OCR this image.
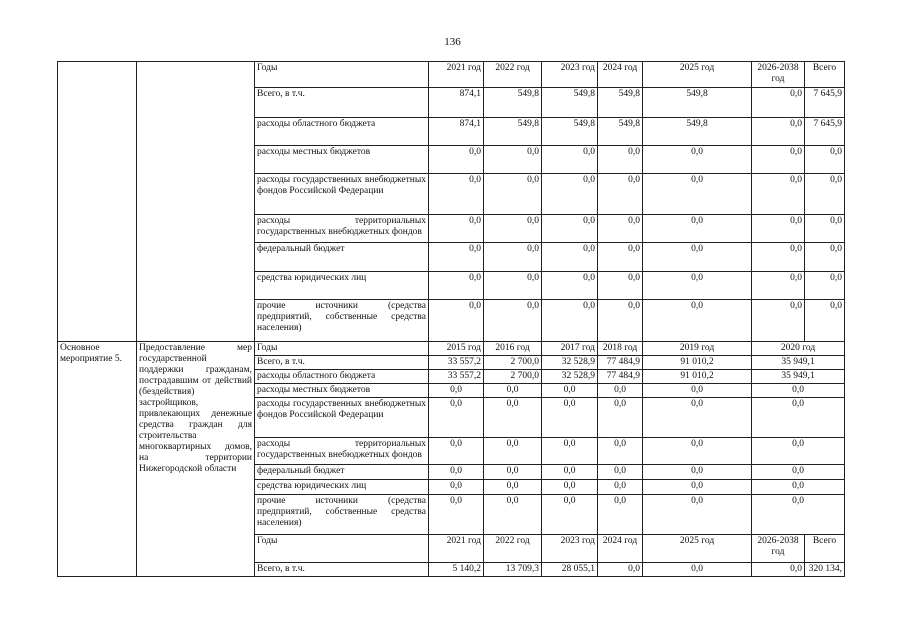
136
		Годы	2021 год	2022 год	2023 год	2024 год	2025 год	2026-2038 год	Всего
		Всего, в т.ч.	874,1	549,8	549,8	549,8	549,8	0,0	7 645,9
		расходы областного бюджета	874,1	549,8	549,8	549,8	549,8	0,0	7 645,9
		расходы местных бюджетов	0,0	0,0	0,0	0,0	0,0	0,0	0,0
		расходы государственных внебюджетных фондов Российской Федерации	0,0	0,0	0,0	0,0	0,0	0,0	0,0
		расходы территориальных государственных внебюджетных фондов	0,0	0,0	0,0	0,0	0,0	0,0	0,0
		федеральный бюджет	0,0	0,0	0,0	0,0	0,0	0,0	0,0
		средства юридических лиц	0,0	0,0	0,0	0,0	0,0	0,0	0,0
		прочие источники (средства предприятий, собственные средства населения)	0,0	0,0	0,0	0,0	0,0	0,0	0,0
Основное мероприятие 5.	Предоставление мер государственной поддержки гражданам, пострадавшим от действий (бездействия) застройщиков, привлекающих денежные средства граждан для строительства многоквартирных домов, на территории Нижегородской области	Годы	2015 год	2016 год	2017 год	2018 год	2019 год	2020 год	
		Всего, в т.ч.	33 557,2	2 700,0	32 528,9	77 484,9	91 010,2	35 949,1	
		расходы областного бюджета	33 557,2	2 700,0	32 528,9	77 484,9	91 010,2	35 949,1	
		расходы местных бюджетов	0,0	0,0	0,0	0,0	0,0	0,0	
		расходы государственных внебюджетных фондов Российской Федерации	0,0	0,0	0,0	0,0	0,0	0,0	
		расходы территориальных государственных внебюджетных фондов	0,0	0,0	0,0	0,0	0,0	0,0	
		федеральный бюджет	0,0	0,0	0,0	0,0	0,0	0,0	
		средства юридических лиц	0,0	0,0	0,0	0,0	0,0	0,0	
		прочие источники (средства предприятий, собственные средства населения)	0,0	0,0	0,0	0,0	0,0	0,0	
		Годы	2021 год	2022 год	2023 год	2024 год	2025 год	2026-2038 год	Всего
		Всего, в т.ч.	5 140,2	13 709,3	28 055,1	0,0	0,0	0,0	320 134,
